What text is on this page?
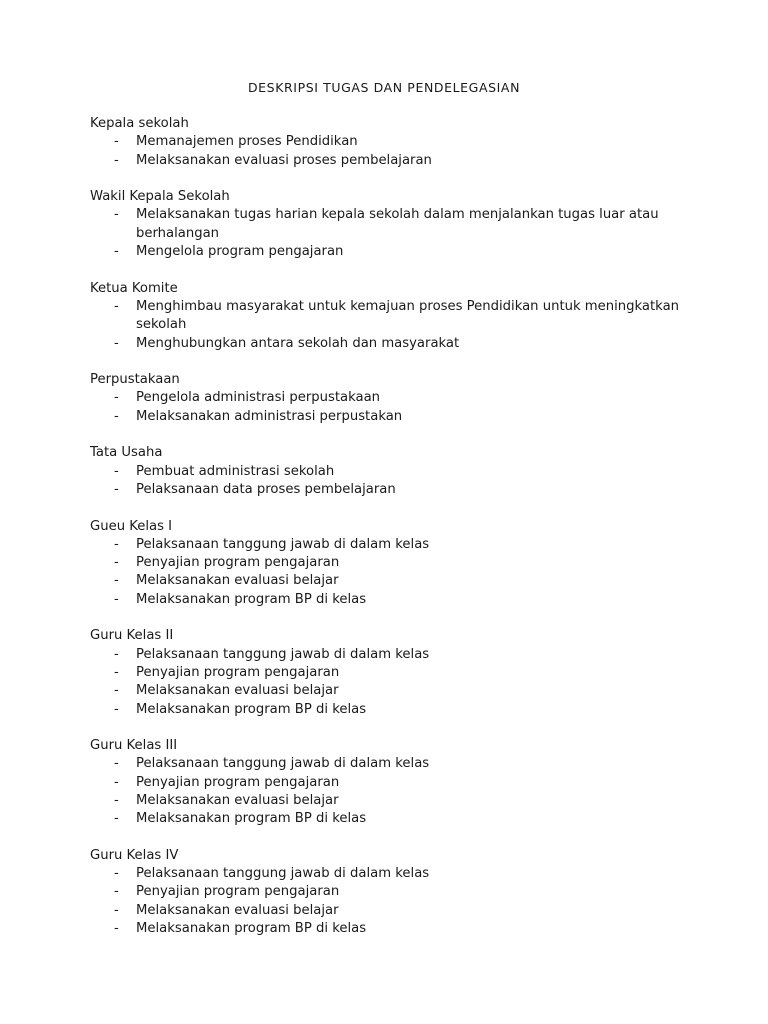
DESKRIPSI TUGAS DAN PENDELEGASIAN
Kepala sekolah
- Memanajemen proses Pendidikan
- Melaksanakan evaluasi proses pembelajaran
Wakil Kepala Sekolah
- Melaksanakan tugas harian kepala sekolah dalam menjalankan tugas luar atau berhalangan
- Mengelola program pengajaran
Ketua Komite
- Menghimbau masyarakat untuk kemajuan proses Pendidikan untuk meningkatkan sekolah
- Menghubungkan antara sekolah dan masyarakat
Perpustakaan
- Pengelola administrasi perpustakaan
- Melaksanakan administrasi perpustakan
Tata Usaha
- Pembuat administrasi sekolah
- Pelaksanaan data proses pembelajaran
Gueu Kelas I
- Pelaksanaan tanggung jawab di dalam kelas
- Penyajian program pengajaran
- Melaksanakan evaluasi belajar
- Melaksanakan program BP di kelas
Guru Kelas II
- Pelaksanaan tanggung jawab di dalam kelas
- Penyajian program pengajaran
- Melaksanakan evaluasi belajar
- Melaksanakan program BP di kelas
Guru Kelas III
- Pelaksanaan tanggung jawab di dalam kelas
- Penyajian program pengajaran
- Melaksanakan evaluasi belajar
- Melaksanakan program BP di kelas
Guru Kelas IV
- Pelaksanaan tanggung jawab di dalam kelas
- Penyajian program pengajaran
- Melaksanakan evaluasi belajar
- Melaksanakan program BP di kelas
